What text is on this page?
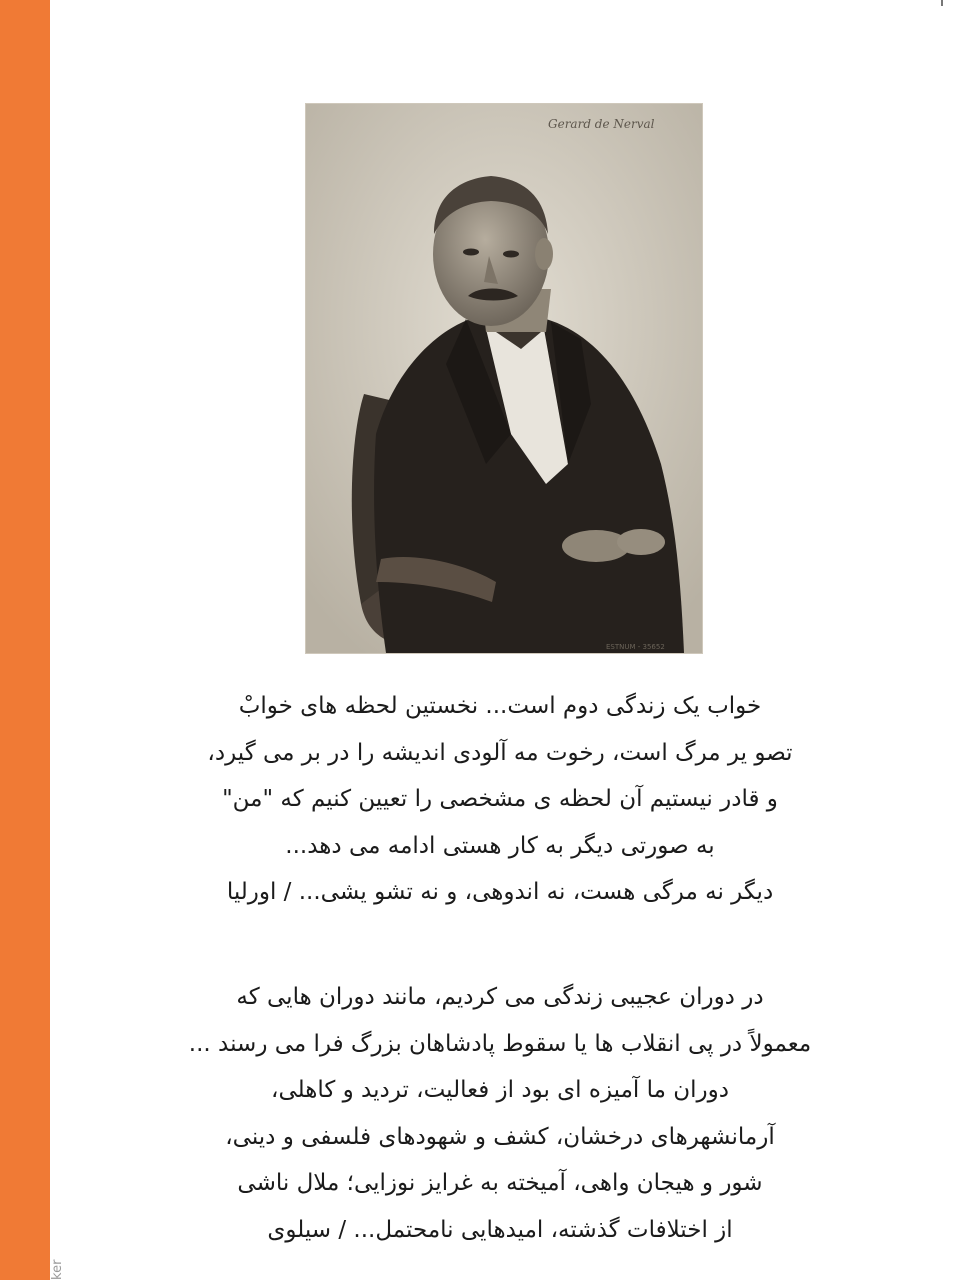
ker
Gerard de Nerval
ESTNUM - 35652

خواب یک زندگی دوم است... نخستین لحظه های خوابْ

تصو یر مرگ است، رخوت مه آلودی اندیشه را در بر می گیرد،

و قادر نیستیم آن لحظه ی مشخصی را تعیین کنیم که "من"

به صورتی دیگر به کار هستی ادامه می دهد...

دیگر نه مرگی هست، نه اندوهی، و نه تشو یشی... / اورلیا

در دوران عجیبی زندگی می کردیم، مانند دوران هایی که

معمولاً در پی انقلاب ها یا سقوط پادشاهان بزرگ فرا می رسند ...

دوران ما آمیزه ای بود از فعالیت، تردید و کاهلی،

آرمانشهرهای درخشان، کشف و شهودهای فلسفی و دینی،

شور و هیجان واهی، آمیخته به غرایز نوزایی؛ ملال ناشی

از اختلافات گذشته، امیدهایی نامحتمل... / سیلوی
